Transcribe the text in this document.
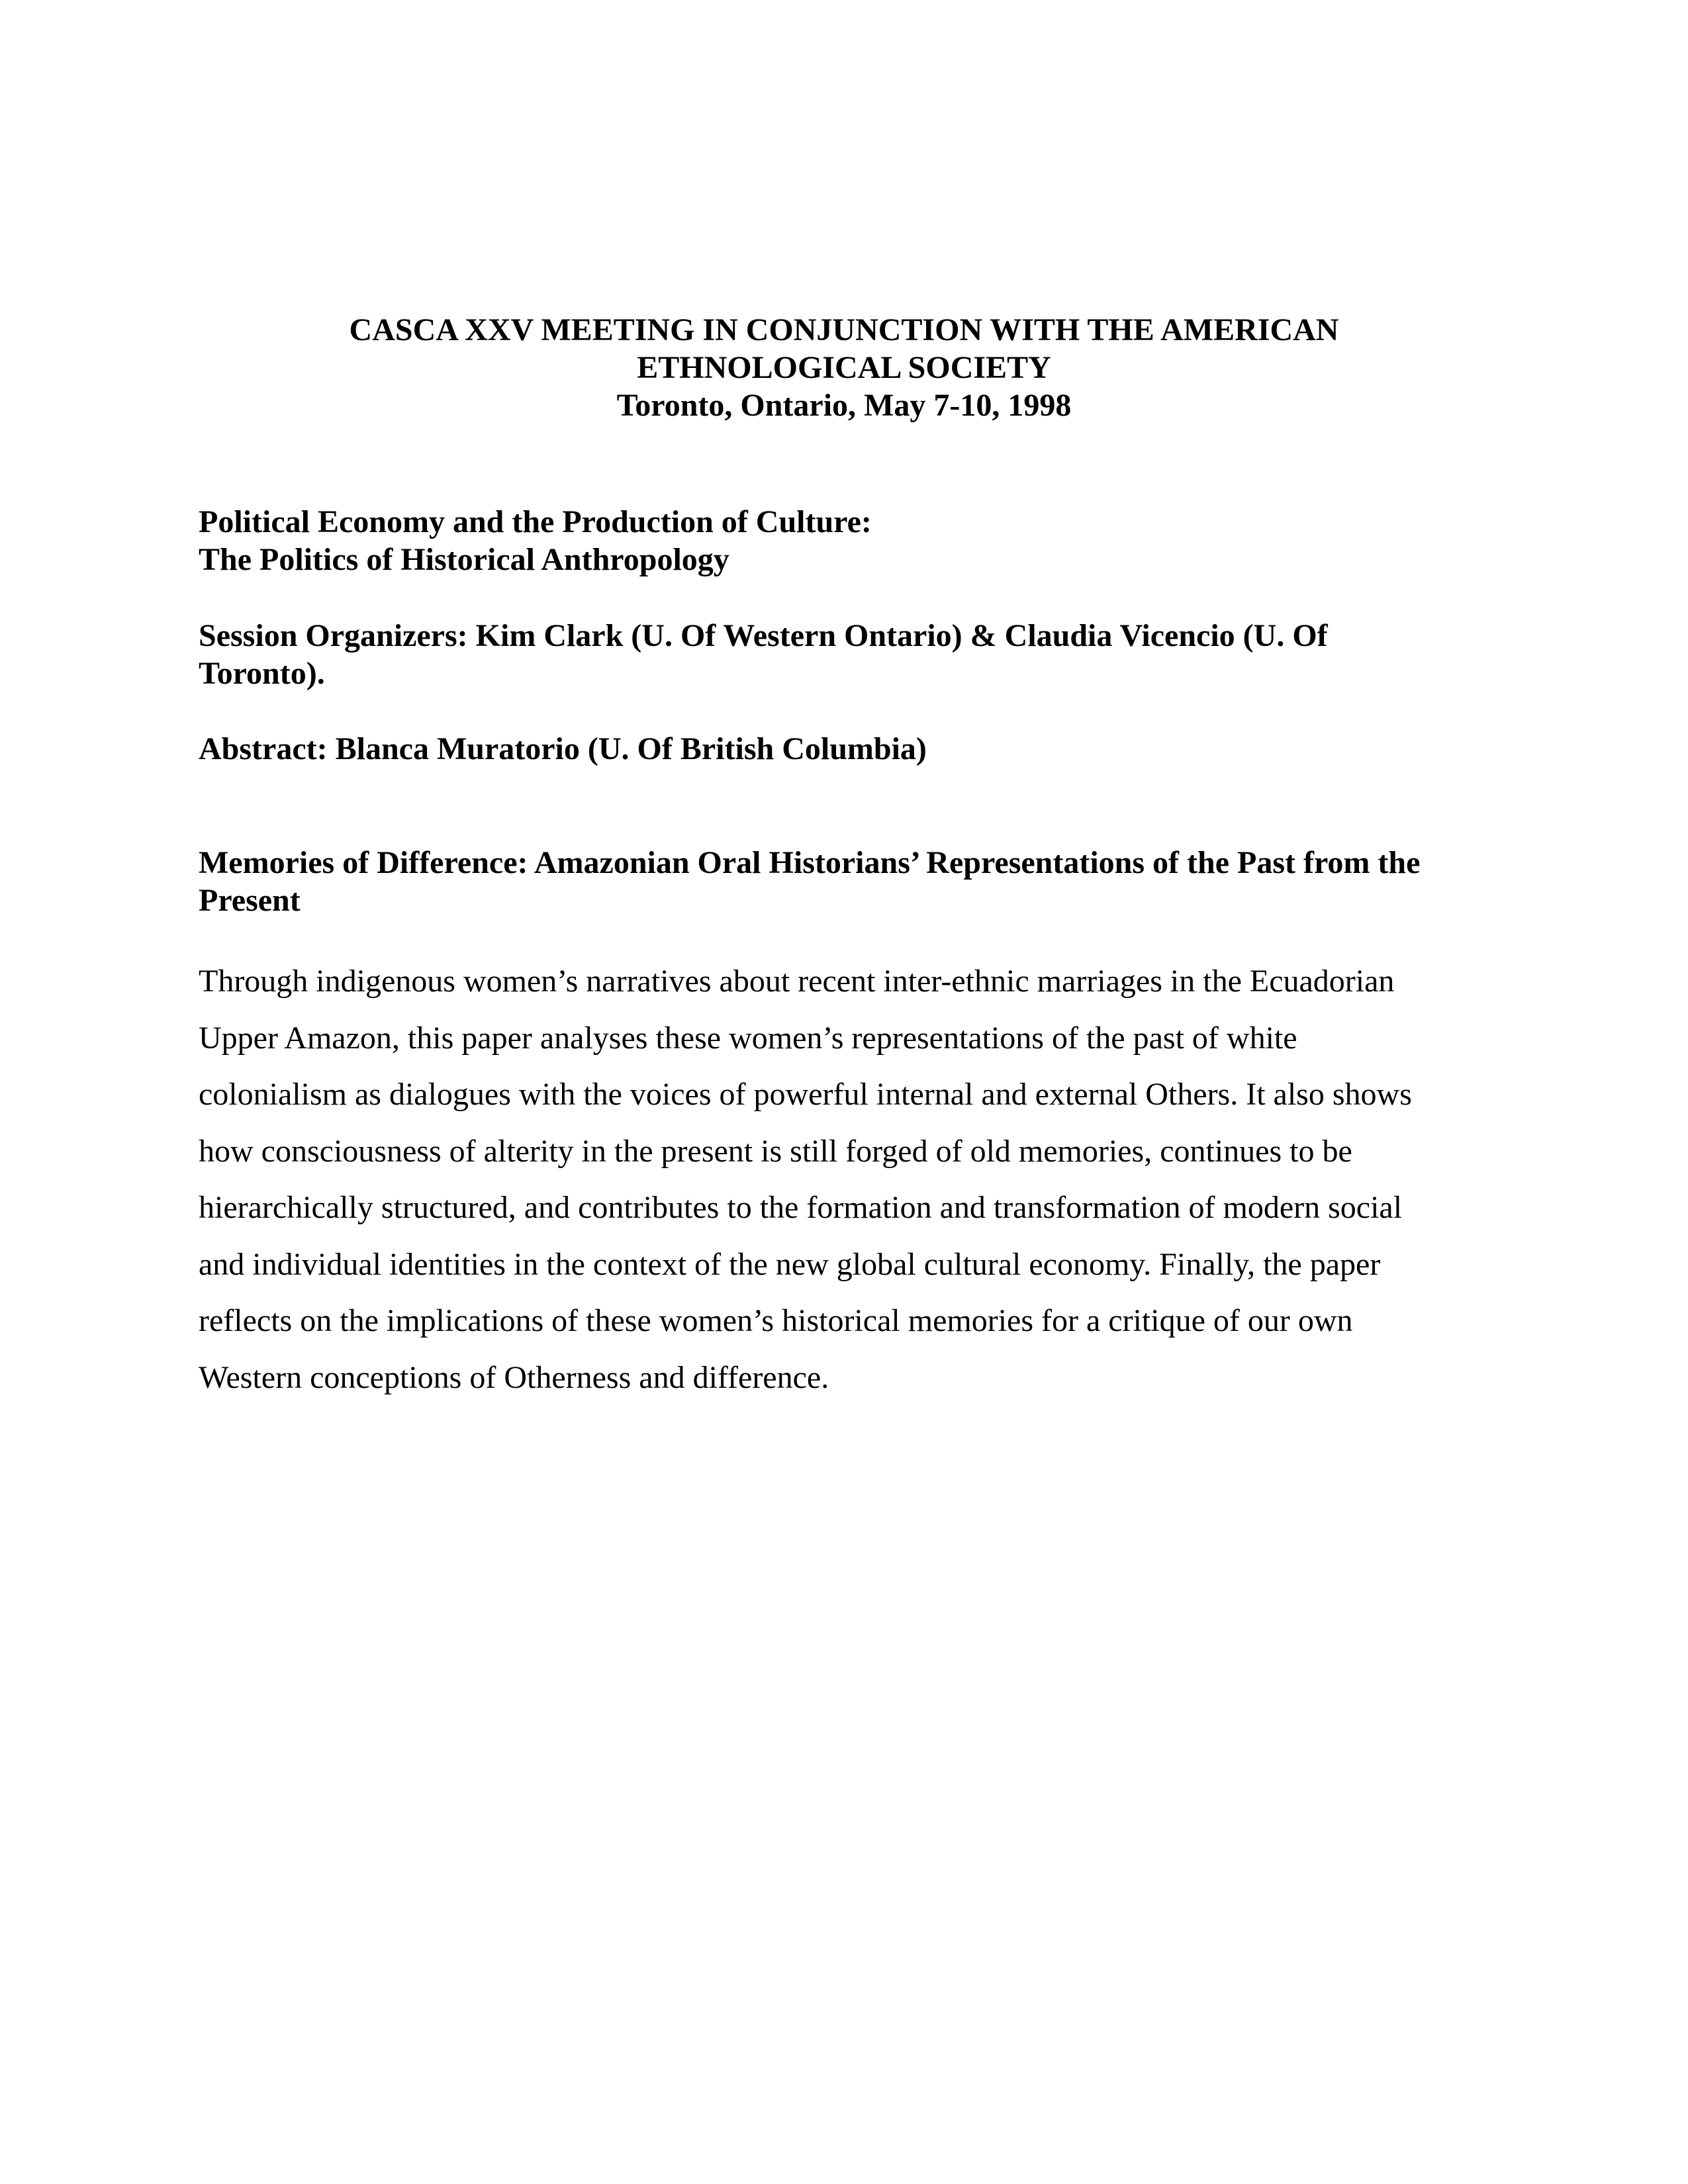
CASCA XXV MEETING IN CONJUNCTION WITH THE AMERICAN
ETHNOLOGICAL SOCIETY
Toronto, Ontario, May 7-10, 1998
Political Economy and the Production of Culture:
The Politics of Historical Anthropology
Session Organizers: Kim Clark (U. Of Western Ontario) & Claudia Vicencio (U. Of
Toronto).
Abstract: Blanca Muratorio (U. Of British Columbia)
Memories of Difference: Amazonian Oral Historians’ Representations of the Past from the
Present
Through indigenous women’s narratives about recent inter-ethnic marriages in the Ecuadorian
Upper Amazon, this paper analyses these women’s representations of the past of white
colonialism as dialogues with the voices of powerful internal and external Others. It also shows
how consciousness of alterity in the present is still forged of old memories, continues to be
hierarchically structured, and contributes to the formation and transformation of modern social
and individual identities in the context of the new global cultural economy. Finally, the paper
reflects on the implications of these women’s historical memories for a critique of our own
Western conceptions of Otherness and difference.
